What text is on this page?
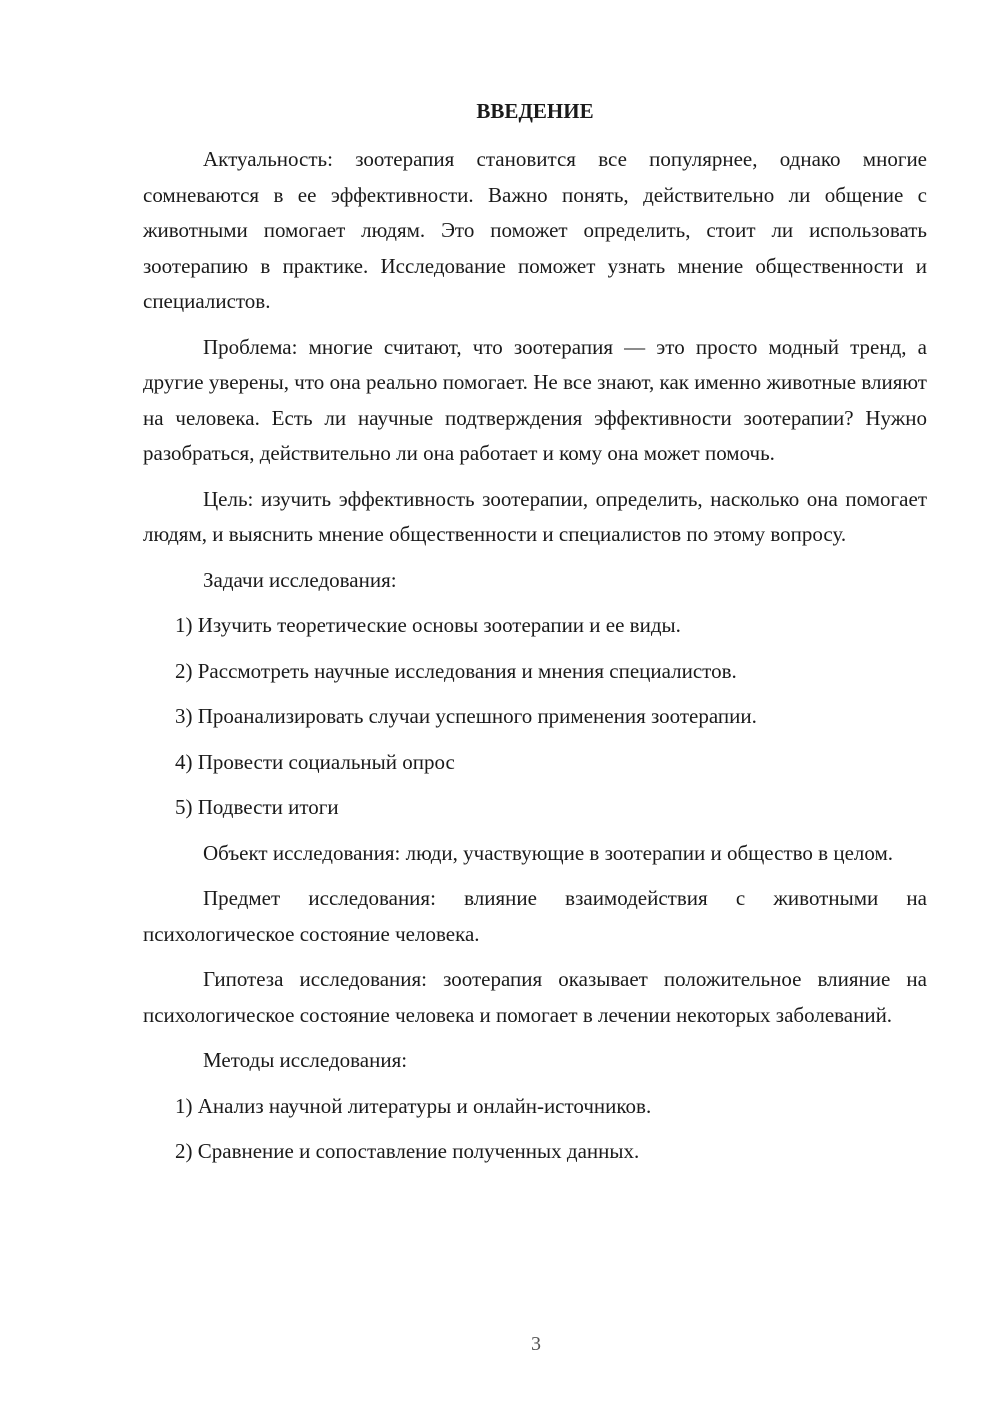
ВВЕДЕНИЕ

Актуальность: зоотерапия становится все популярнее, однако многие сомневаются в ее эффективности. Важно понять, действительно ли общение с животными помогает людям. Это поможет определить, стоит ли использовать зоотерапию в практике. Исследование поможет узнать мнение общественности и специалистов.

Проблема: многие считают, что зоотерапия — это просто модный тренд, а другие уверены, что она реально помогает. Не все знают, как именно животные влияют на человека. Есть ли научные подтверждения эффективности зоотерапии? Нужно разобраться, действительно ли она работает и кому она может помочь.

Цель: изучить эффективность зоотерапии, определить, насколько она помогает людям, и выяснить мнение общественности и специалистов по этому вопросу.

Задачи исследования:
1) Изучить теоретические основы зоотерапии и ее виды.
2) Рассмотреть научные исследования и мнения специалистов.
3) Проанализировать случаи успешного применения зоотерапии.
4) Провести социальный опрос
5) Подвести итоги

Объект исследования: люди, участвующие в зоотерапии и общество в целом.

Предмет исследования: влияние взаимодействия с животными на психологическое состояние человека.

Гипотеза исследования: зоотерапия оказывает положительное влияние на психологическое состояние человека и помогает в лечении некоторых заболеваний.

Методы исследования:
1) Анализ научной литературы и онлайн-источников.
2) Сравнение и сопоставление полученных данных.
3
